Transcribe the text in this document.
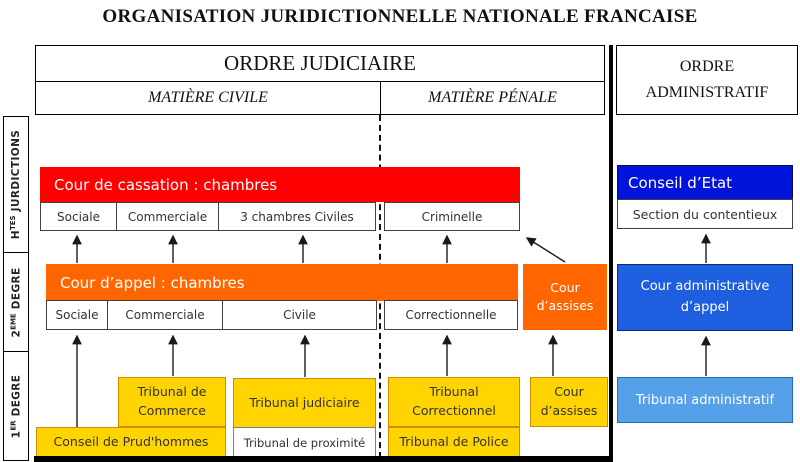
ORGANISATION JURIDICTIONNELLE NATIONALE FRANCAISE
ORDRE JUDICIAIRE
MATIÈRE CIVILE	MATIÈRE PÉNALE
ORDRE ADMINISTRATIF
$H^{TES}$ JURDICTIONS
2EME DEGRE
1ER DEGRE
Cour de cassation : chambres
Sociale Commerciale	3 chambres Civiles	Criminelle
Conseil d’Etat
Section du contentieux
Cour d’appel : chambres
Sociale Commerciale	Civile	Correctionnelle
Cour d’assises
Cour administrative d’appel
Tribunal administratif
Tribunal de Commerce
Tribunal judiciaire
Tribunal de proximité
Conseil de Prud'hommes
Tribunal Correctionnel
Tribunal de Police
Cour d’assises
